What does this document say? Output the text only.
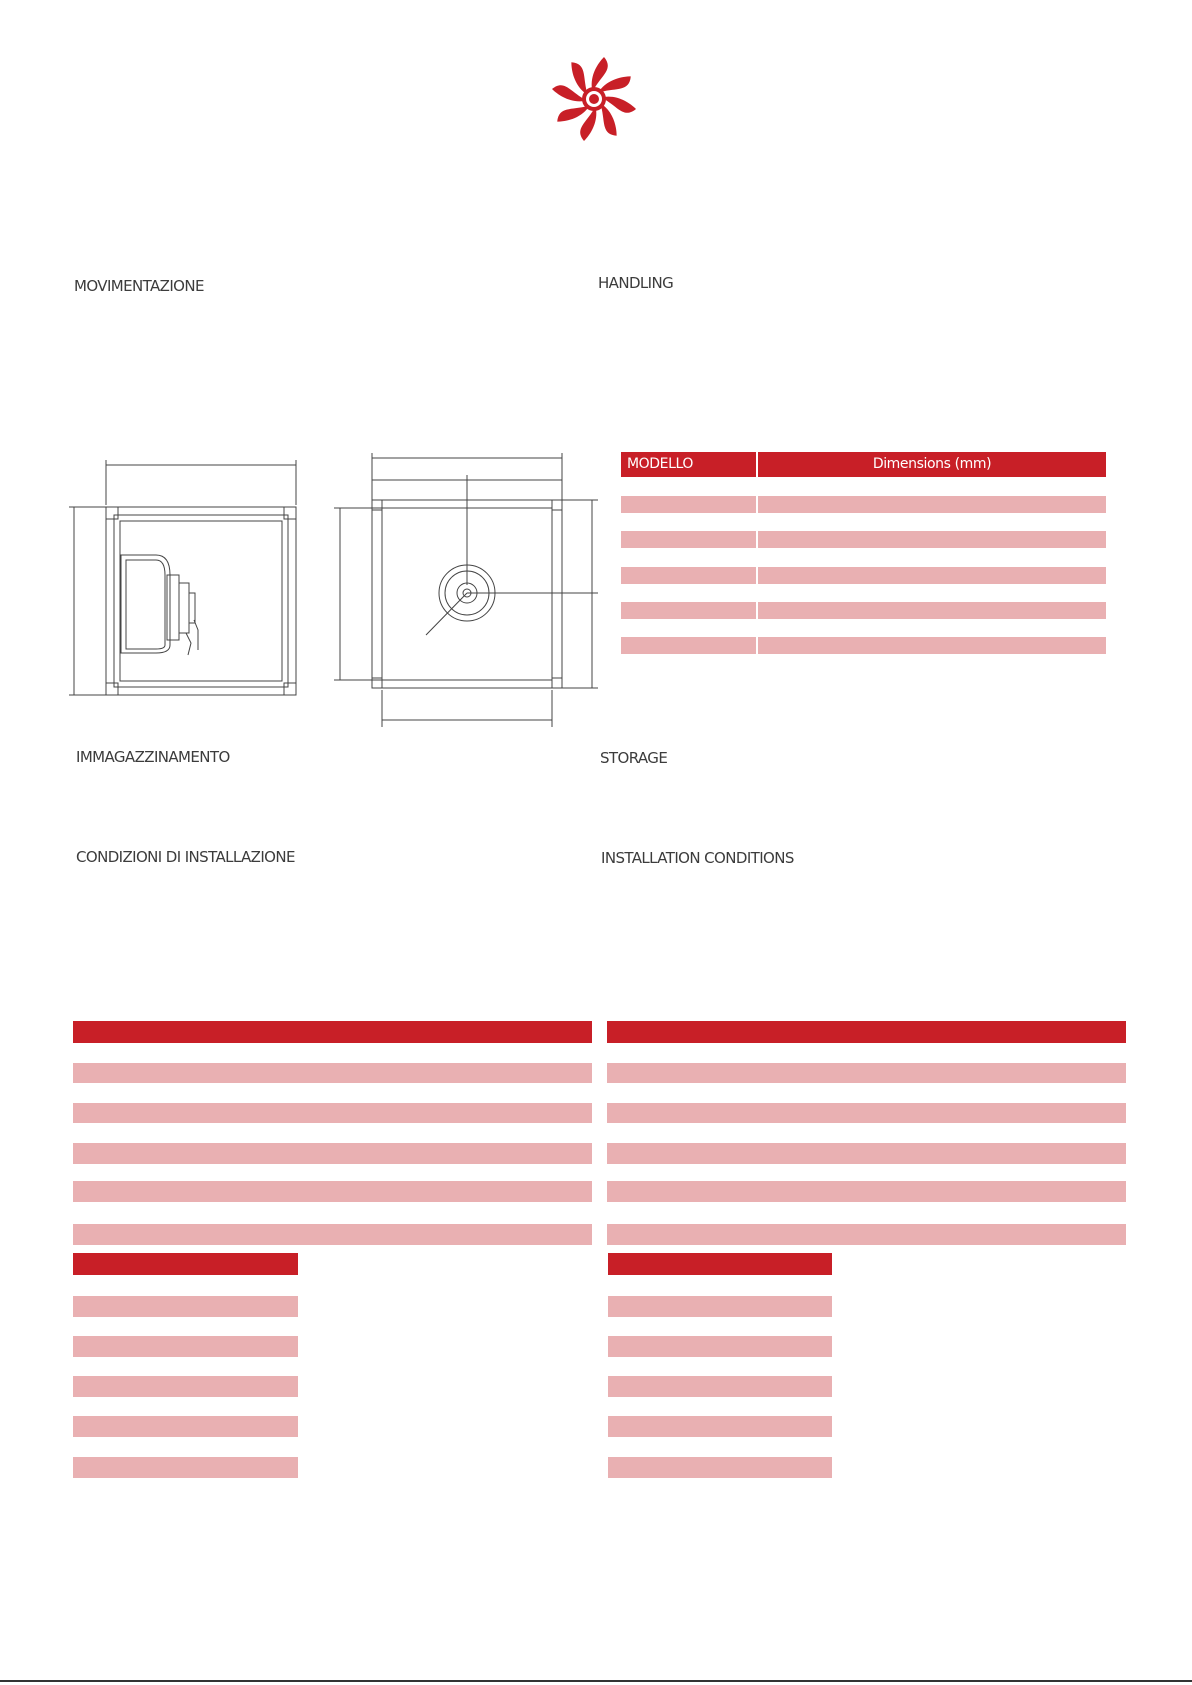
MOVIMENTAZIONE	HANDLING
IMMAGAZZINAMENTO	STORAGE
CONDIZIONI DI INSTALLAZIONE	INSTALLATION CONDITIONS
MODELLO	Dimensions (mm)
